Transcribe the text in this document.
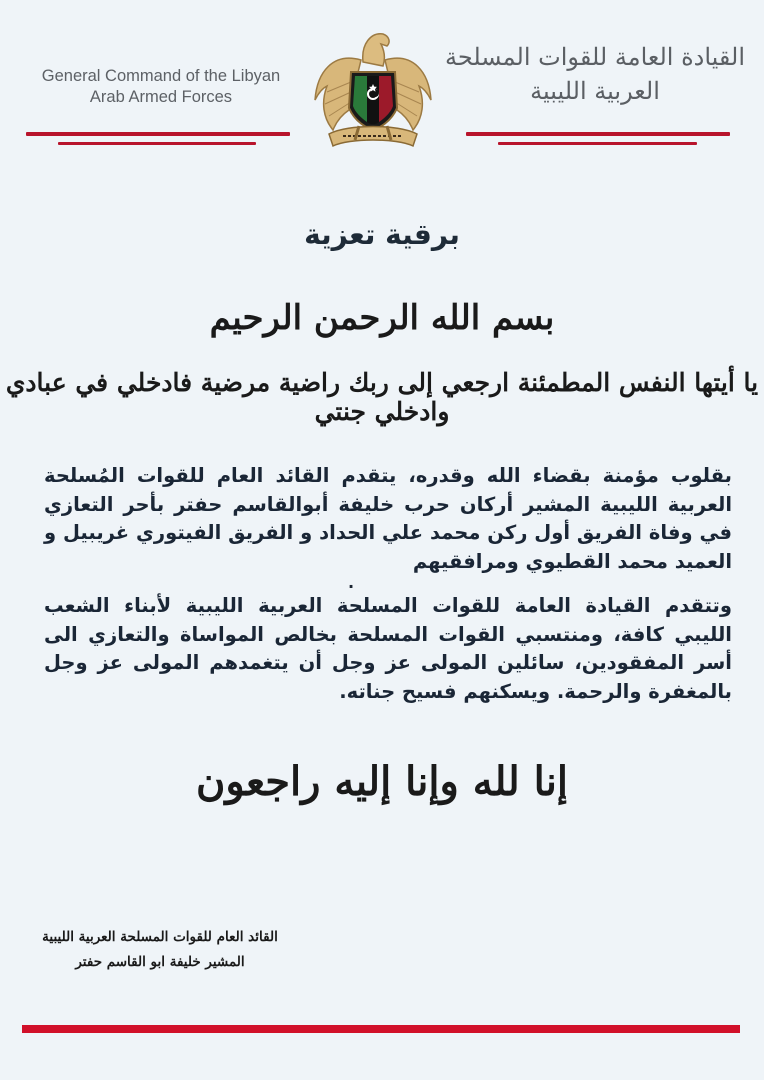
General Command of the Libyan
Arab Armed Forces
القيادة العامة للقوات المسلحة
العربية الليبية
برقية تعزية
بسم الله الرحمن الرحيم
يا أيتها النفس المطمئنة ارجعي إلى ربك راضية مرضية فادخلي في عبادي وادخلي جنتي
بقلوب مؤمنة بقضاء الله وقدره، يتقدم القائد العام للقوات المُسلحة العربية الليبية المشير أركان حرب خليفة أبوالقاسم حفتر بأحر التعازي في وفاة الفريق أول ركن محمد علي الحداد و الفريق الفيتوري غريبيل و العميد محمد القطيوي ومرافقيهم
.
وتتقدم القيادة العامة للقوات المسلحة العربية الليبية لأبناء الشعب الليبي كافة، ومنتسبي القوات المسلحة بخالص المواساة والتعازي الى أسر المفقودين، سائلين المولى عز وجل أن يتغمدهم المولى عز وجل بالمغفرة والرحمة. ويسكنهم فسيح جناته.
إنا لله وإنا إليه راجعون
القائد العام للقوات المسلحة العربية الليبية
المشير خليفة ابو القاسم حفتر
